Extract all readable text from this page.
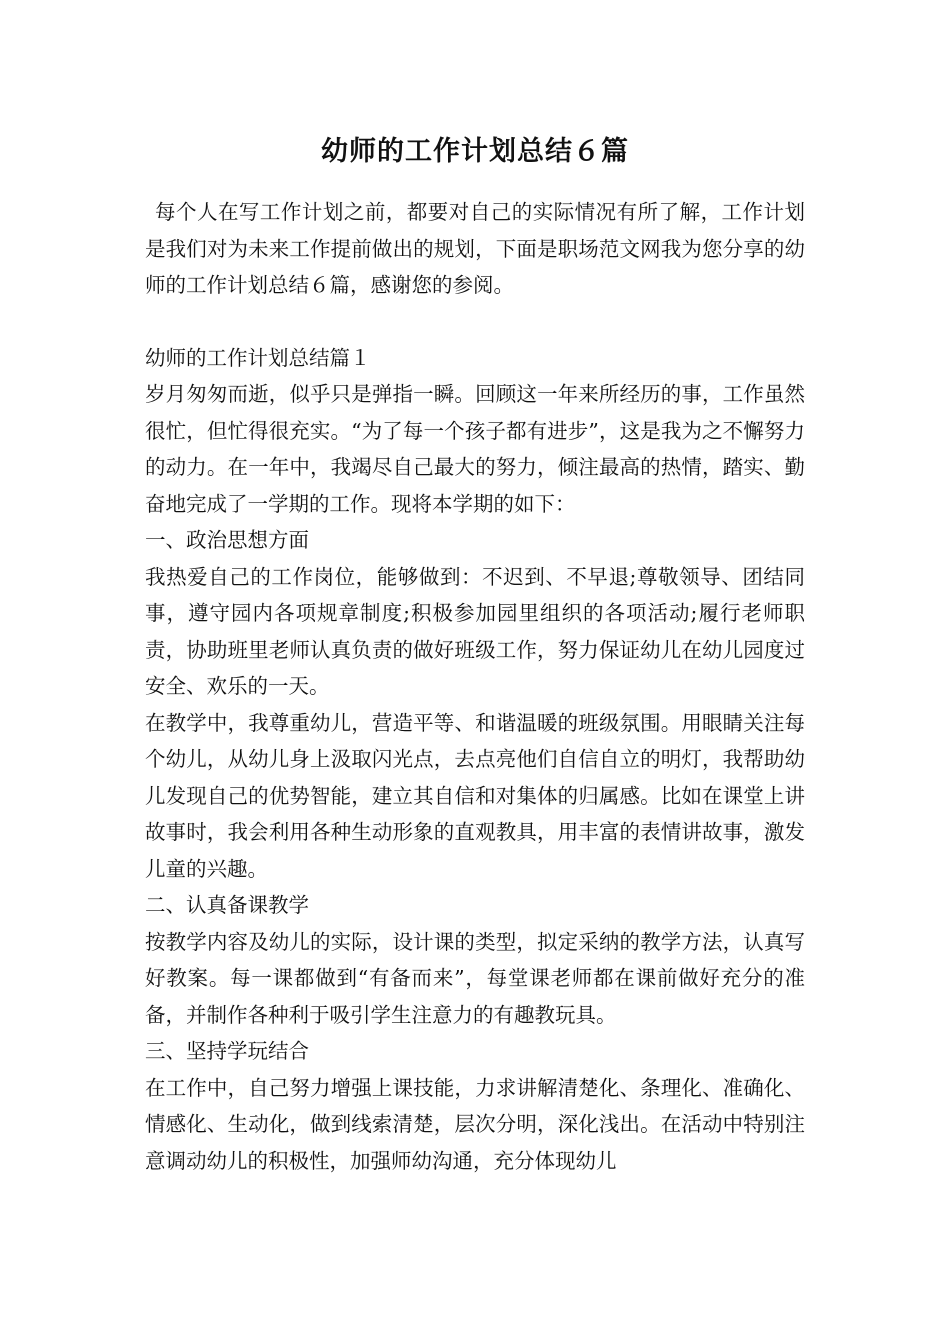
幼师的工作计划总结６篇

每个人在写工作计划之前，都要对自己的实际情况有所了解，工作计划是我们对为未来工作提前做出的规划，下面是职场范文网我为您分享的幼师的工作计划总结６篇，感谢您的参阅。

幼师的工作计划总结篇１

岁月匆匆而逝，似乎只是弹指一瞬。回顾这一年来所经历的事，工作虽然很忙，但忙得很充实。“为了每一个孩子都有进步”，这是我为之不懈努力的动力。在一年中，我竭尽自己最大的努力，倾注最高的热情，踏实、勤奋地完成了一学期的工作。现将本学期的如下：

一、政治思想方面

我热爱自己的工作岗位，能够做到：不迟到、不早退;尊敬领导、团结同事，遵守园内各项规章制度;积极参加园里组织的各项活动;履行老师职责，协助班里老师认真负责的做好班级工作，努力保证幼儿在幼儿园度过安全、欢乐的一天。

在教学中，我尊重幼儿，营造平等、和谐温暖的班级氛围。用眼睛关注每个幼儿，从幼儿身上汲取闪光点，去点亮他们自信自立的明灯，我帮助幼儿发现自己的优势智能，建立其自信和对集体的归属感。比如在课堂上讲故事时，我会利用各种生动形象的直观教具，用丰富的表情讲故事，激发儿童的兴趣。

二、认真备课教学

按教学内容及幼儿的实际，设计课的类型，拟定采纳的教学方法，认真写好教案。每一课都做到“有备而来”，每堂课老师都在课前做好充分的准备，并制作各种利于吸引学生注意力的有趣教玩具。

三、坚持学玩结合

在工作中，自己努力增强上课技能，力求讲解清楚化、条理化、准确化、情感化、生动化，做到线索清楚，层次分明，深化浅出。在活动中特别注意调动幼儿的积极性，加强师幼沟通，充分体现幼儿
